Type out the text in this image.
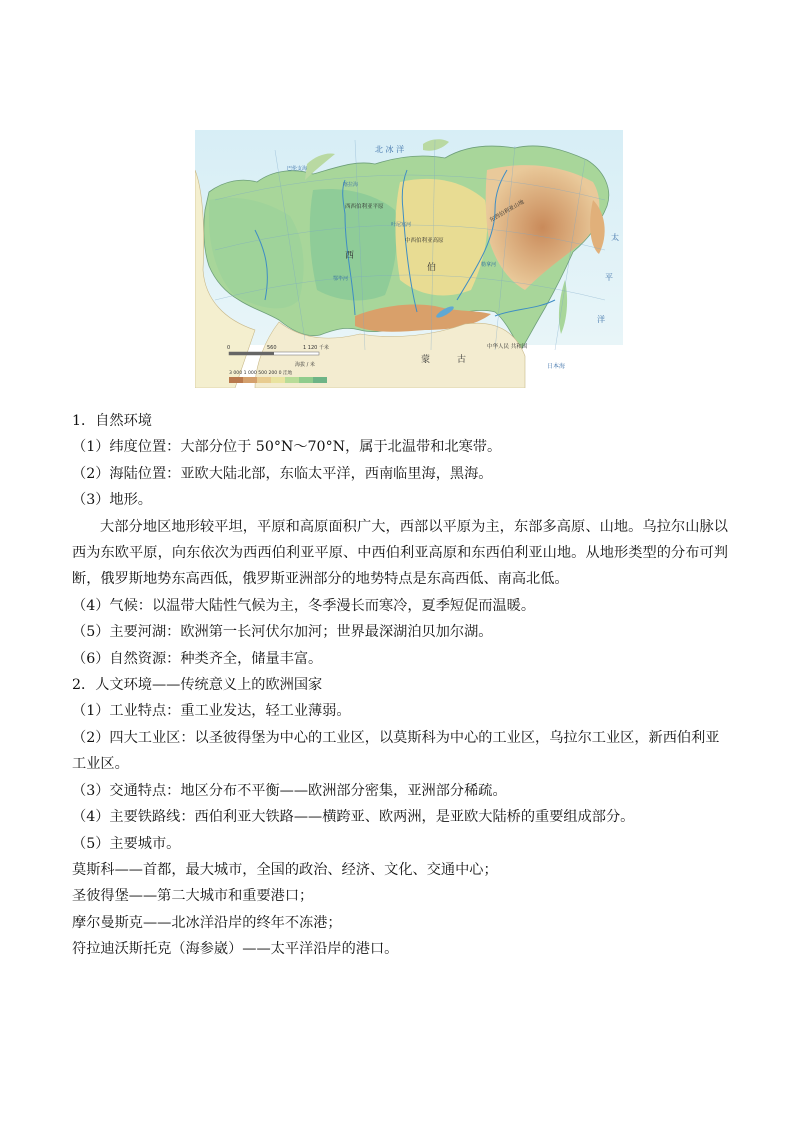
北 冰 洋
太
平
洋
日本海
喀拉海
巴伦支海
西
伯
蒙	古
西西伯利亚平原
中西伯利亚高原
东西伯利亚山地
中华人民 共和国
鄂毕河
叶尼塞河
勒拿河
0	560	1 120 千米
海拔 / 米
3 000 1 000 500 200 0 洼地

1．自然环境

（1）纬度位置：大部分位于 50°N～70°N，属于北温带和北寒带。

（2）海陆位置：亚欧大陆北部，东临太平洋，西南临里海，黑海。

（3）地形。

大部分地区地形较平坦，平原和高原面积广大，西部以平原为主，东部多高原、山地。乌拉尔山脉以西为东欧平原，向东依次为西西伯利亚平原、中西伯利亚高原和东西伯利亚山地。从地形类型的分布可判断，俄罗斯地势东高西低，俄罗斯亚洲部分的地势特点是东高西低、南高北低。

（4）气候：以温带大陆性气候为主，冬季漫长而寒冷，夏季短促而温暖。

（5）主要河湖：欧洲第一长河伏尔加河；世界最深湖泊贝加尔湖。

（6）自然资源：种类齐全，储量丰富。

2．人文环境——传统意义上的欧洲国家

（1）工业特点：重工业发达，轻工业薄弱。

（2）四大工业区：以圣彼得堡为中心的工业区，以莫斯科为中心的工业区，乌拉尔工业区，新西伯利亚工业区。

（3）交通特点：地区分布不平衡——欧洲部分密集，亚洲部分稀疏。

（4）主要铁路线：西伯利亚大铁路——横跨亚、欧两洲，是亚欧大陆桥的重要组成部分。

（5）主要城市。

莫斯科——首都，最大城市，全国的政治、经济、文化、交通中心；

圣彼得堡——第二大城市和重要港口；

摩尔曼斯克——北冰洋沿岸的终年不冻港；

符拉迪沃斯托克（海参崴）——太平洋沿岸的港口。
